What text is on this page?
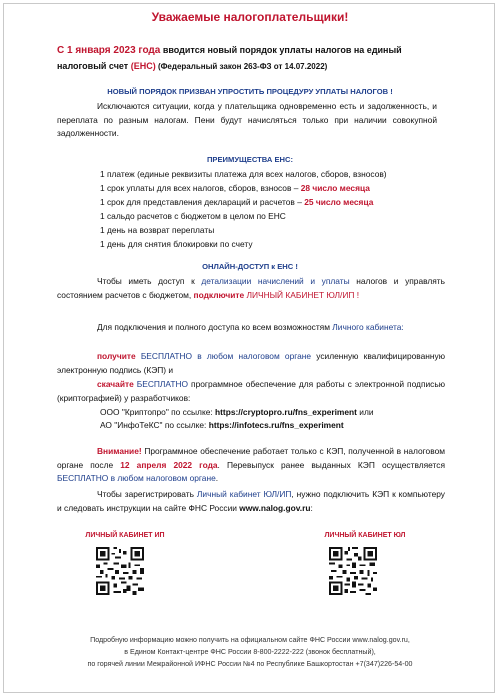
Уважаемые налогоплательщики!
С 1 января 2023 года вводится новый порядок уплаты налогов на единый
налоговый счет (ЕНС) (Федеральный закон 263-ФЗ от 14.07.2022)
НОВЫЙ ПОРЯДОК ПРИЗВАН УПРОСТИТЬ ПРОЦЕДУРУ УПЛАТЫ НАЛОГОВ !
Исключаются ситуации, когда у плательщика одновременно есть и задолженность, и переплата по разным налогам. Пени будут начисляться только при наличии совокупной задолженности.
ПРЕИМУЩЕСТВА ЕНС:
1 платеж (единые реквизиты платежа для всех налогов, сборов, взносов)
1 срок уплаты для всех налогов, сборов, взносов – 28 число месяца
1 срок для представления деклараций и расчетов – 25 число месяца
1 сальдо расчетов с бюджетом в целом по ЕНС
1 день на возврат переплаты
1 день для снятия блокировки по счету
ОНЛАЙН-ДОСТУП к ЕНС !
Чтобы иметь доступ к детализации начислений и уплаты налогов и управлять состоянием расчетов с бюджетом, подключите ЛИЧНЫЙ КАБИНЕТ ЮЛ/ИП !
Для подключения и полного доступа ко всем возможностям Личного кабинета:
получите БЕСПЛАТНО в любом налоговом органе усиленную квалифицированную электронную подпись (КЭП) и
скачайте БЕСПЛАТНО программное обеспечение для работы с электронной подписью (криптографией) у разработчиков:
ООО "Криптопро" по ссылке: https://cryptopro.ru/fns_experiment или
АО "ИнфоТеКС" по ссылке: https://infotecs.ru/fns_experiment
Внимание! Программное обеспечение работает только с КЭП, полученной в налоговом органе после 12 апреля 2022 года. Перевыпуск ранее выданных КЭП осуществляется БЕСПЛАТНО в любом налоговом органе.
Чтобы зарегистрировать Личный кабинет ЮЛ/ИП, нужно подключить КЭП к компьютеру и следовать инструкции на сайте ФНС России www.nalog.gov.ru:
ЛИЧНЫЙ КАБИНЕТ ИП	ЛИЧНЫЙ КАБИНЕТ ЮЛ
Подробную информацию можно получить на официальном сайте ФНС России www.nalog.gov.ru,
в Едином Контакт-центре ФНС России 8-800-2222-222 (звонок бесплатный),
по горячей линии Межрайонной ИФНС России №4 по Республике Башкортостан +7(347)226-54-00
